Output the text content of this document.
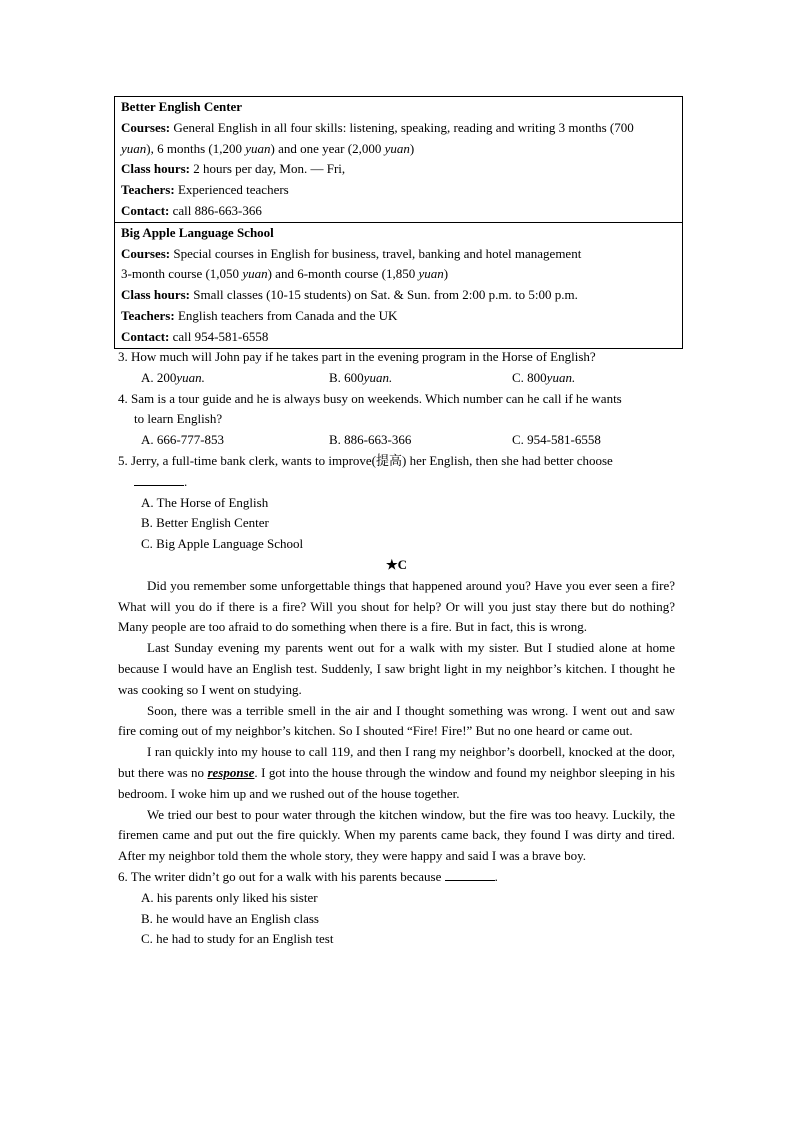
Better English Center
Courses: General English in all four skills: listening, speaking, reading and writing 3 months (700
yuan), 6 months (1,200 yuan) and one year (2,000 yuan)
Class hours: 2 hours per day, Mon. — Fri,
Teachers: Experienced teachers
Contact: call 886-663-366
Big Apple Language School
Courses: Special courses in English for business, travel, banking and hotel management
3-month course (1,050 yuan) and 6-month course (1,850 yuan)
Class hours: Small classes (10-15 students) on Sat. & Sun. from 2:00 p.m. to 5:00 p.m.
Teachers: English teachers from Canada and the UK
Contact: call 954-581-6558
3. How much will John pay if he takes part in the evening program in the Horse of English?
A. 200yuan.	B. 600yuan.	C. 800yuan.
4. Sam is a tour guide and he is always busy on weekends. Which number can he call if he wants
to learn English?
A. 666-777-853	B. 886-663-366	C. 954-581-6558
5. Jerry, a full-time bank clerk, wants to improve(提高) her English, then she had better choose
.
A. The Horse of English
B. Better English Center
C. Big Apple Language School
★C
Did you remember some unforgettable things that happened around you? Have you ever seen a fire? What will you do if there is a fire? Will you shout for help? Or will you just stay there but do nothing? Many people are too afraid to do something when there is a fire. But in fact, this is wrong.
Last Sunday evening my parents went out for a walk with my sister. But I studied alone at home because I would have an English test. Suddenly, I saw bright light in my neighbor’s kitchen. I thought he was cooking so I went on studying.
Soon, there was a terrible smell in the air and I thought something was wrong. I went out and saw fire coming out of my neighbor’s kitchen. So I shouted “Fire! Fire!” But no one heard or came out.
I ran quickly into my house to call 119, and then I rang my neighbor’s doorbell, knocked at the door, but there was no response. I got into the house through the window and found my neighbor sleeping in his bedroom. I woke him up and we rushed out of the house together.
We tried our best to pour water through the kitchen window, but the fire was too heavy. Luckily, the firemen came and put out the fire quickly. When my parents came back, they found I was dirty and tired. After my neighbor told them the whole story, they were happy and said I was a brave boy.
6. The writer didn’t go out for a walk with his parents because	.
A. his parents only liked his sister
B. he would have an English class
C. he had to study for an English test
